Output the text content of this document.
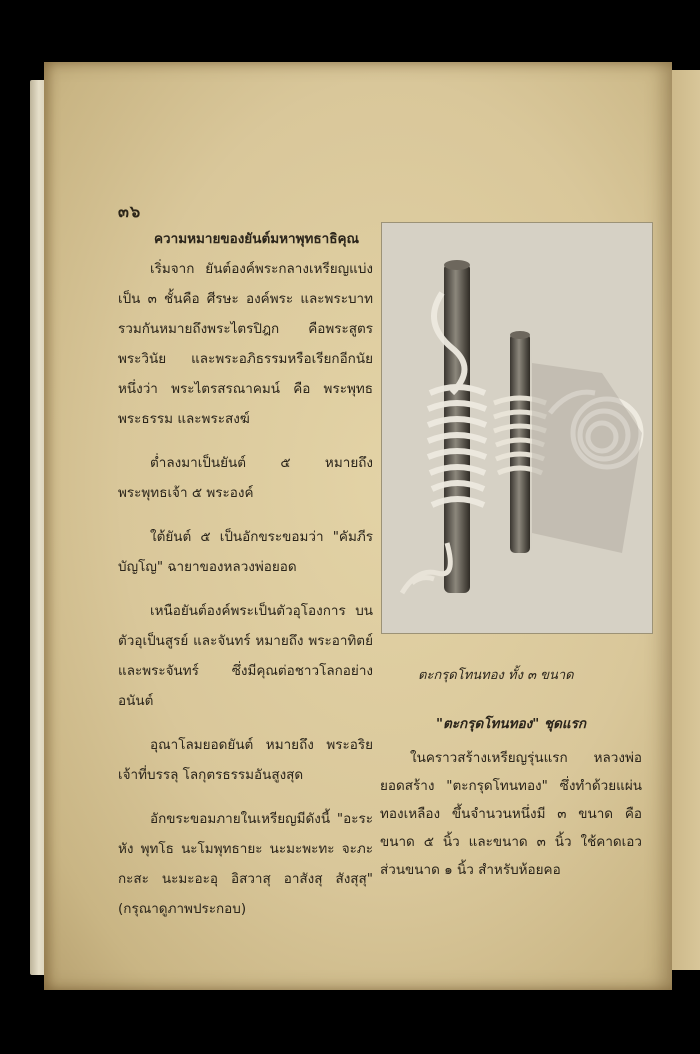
๓๖
ความหมายของยันต์มหาพุทธาธิคุณ

เริ่มจาก ยันต์องค์พระกลางเหรียญแบ่งเป็น ๓ ชั้นคือ ศีรษะ องค์พระ และพระบาท รวมกันหมายถึงพระไตรปิฎก คือพระสูตร พระวินัย และพระอภิธรรมหรือเรียกอีกนัยหนึ่งว่า พระไตรสรณาคมน์ คือ พระพุทธ พระธรรม และพระสงฆ์

ต่ำลงมาเป็นยันต์ ๕ หมายถึง พระพุทธเจ้า ๕ พระองค์

ใต้ยันต์ ๕ เป็นอักขระขอมว่า "คัมภีร บัญโญ" ฉายาของหลวงพ่อยอด

เหนือยันต์องค์พระเป็นตัวอุโองการ บนตัวอุเป็นสูรย์ และจันทร์ หมายถึง พระอาทิตย์และพระจันทร์ ซึ่งมีคุณต่อชาวโลกอย่างอนันต์

อุณาโลมยอดยันต์ หมายถึง พระอริยเจ้าที่บรรลุ โลกุตรธรรมอันสูงสุด

อักขระขอมภายในเหรียญมีดังนี้ "อะระหัง พุทโธ นะโมพุทธายะ นะมะพะทะ จะภะกะสะ นะมะอะอุ อิสวาสุ อาสังสุ สังสุสุ" (กรุณาดูภาพประกอบ)

ตะกรุดโทนทอง ทั้ง ๓ ขนาด
"ตะกรุดโทนทอง" ชุดแรก

ในคราวสร้างเหรียญรุ่นแรก หลวงพ่อยอดสร้าง "ตะกรุดโทนทอง" ซึ่งทำด้วยแผ่นทองเหลือง ขึ้นจำนวนหนึ่งมี ๓ ขนาด คือ ขนาด ๕ นิ้ว และขนาด ๓ นิ้ว ใช้คาดเอว ส่วนขนาด ๑ นิ้ว สำหรับห้อยคอ
